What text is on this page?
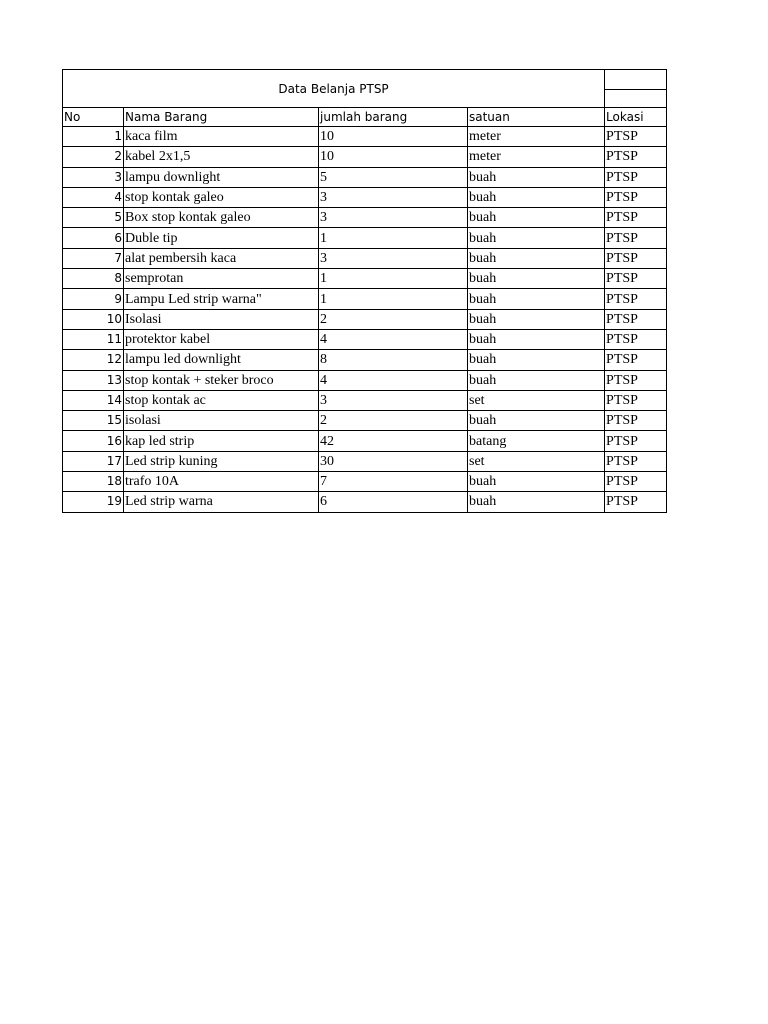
Data Belanja PTSP				

No	Nama Barang	jumlah barang	satuan	Lokasi
1	kaca film	10	meter	PTSP
2	kabel 2x1,5	10	meter	PTSP
3	lampu downlight	5	buah	PTSP
4	stop kontak galeo	3	buah	PTSP
5	Box stop kontak galeo	3	buah	PTSP
6	Duble tip	1	buah	PTSP
7	alat pembersih kaca	3	buah	PTSP
8	semprotan	1	buah	PTSP
9	Lampu Led strip warna"	1	buah	PTSP
10	Isolasi	2	buah	PTSP
11	protektor kabel	4	buah	PTSP
12	lampu led downlight	8	buah	PTSP
13	stop kontak + steker broco	4	buah	PTSP
14	stop kontak ac	3	set	PTSP
15	isolasi	2	buah	PTSP
16	kap led strip	42	batang	PTSP
17	Led strip kuning	30	set	PTSP
18	trafo 10A	7	buah	PTSP
19	Led strip warna	6	buah	PTSP
